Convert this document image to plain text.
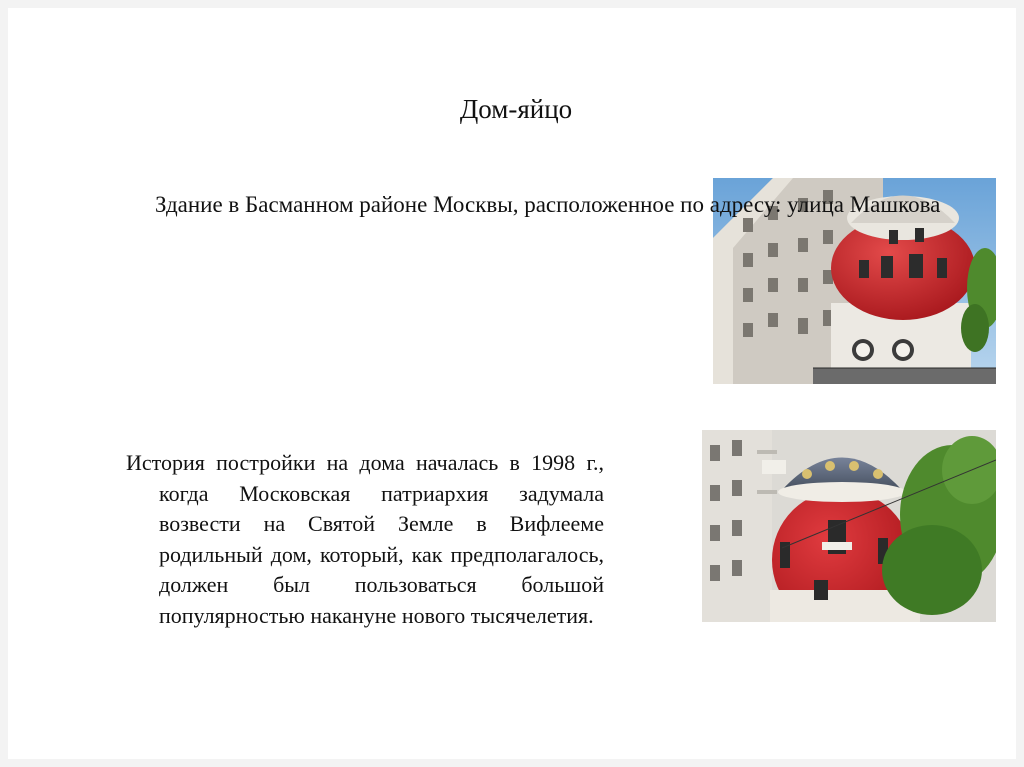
Дом-яйцо
Здание в Басманном районе Москвы, расположенное по адресу: улица Машкова
История постройки на дома началась в 1998 г., когда Московская патриархия задумала возвести на Святой Земле в Вифлееме родильный дом, который, как предполагалось, должен был пользоваться большой популярностью накануне нового тысячелетия.
